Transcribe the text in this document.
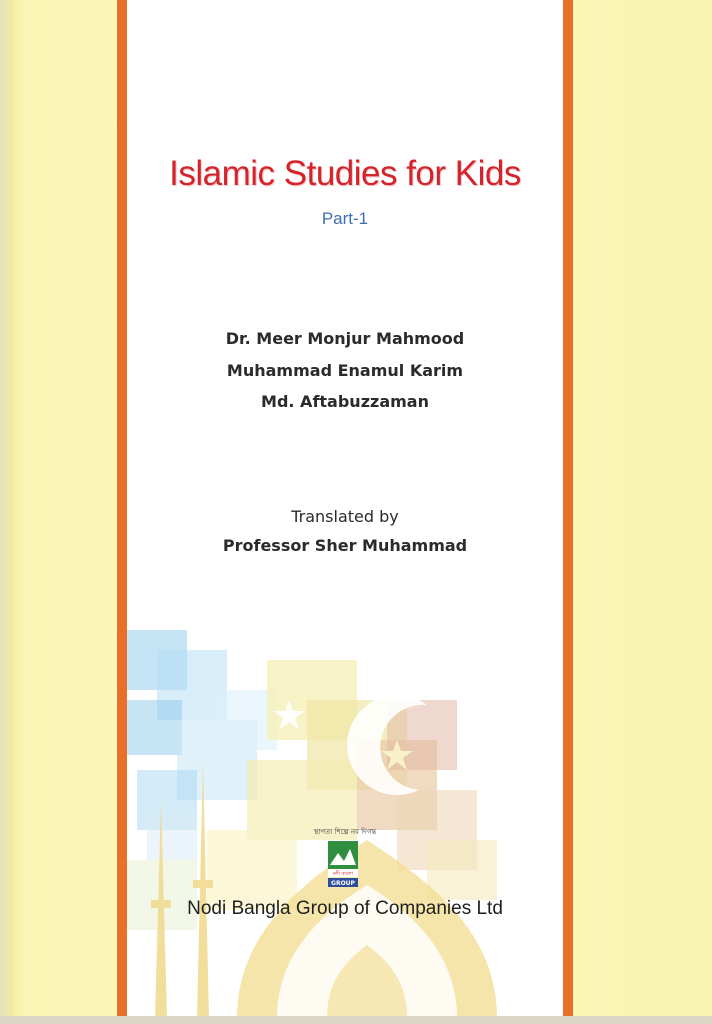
Islamic Studies for Kids
Part-1
Dr. Meer Monjur Mahmood
Muhammad Enamul Karim
Md. Aftabuzzaman
Translated by
Professor Sher Muhammad
স্থাপত্য শিল্পে নব দিগন্ত
নদী বাংলা
GROUP
Nodi Bangla Group of Companies Ltd
